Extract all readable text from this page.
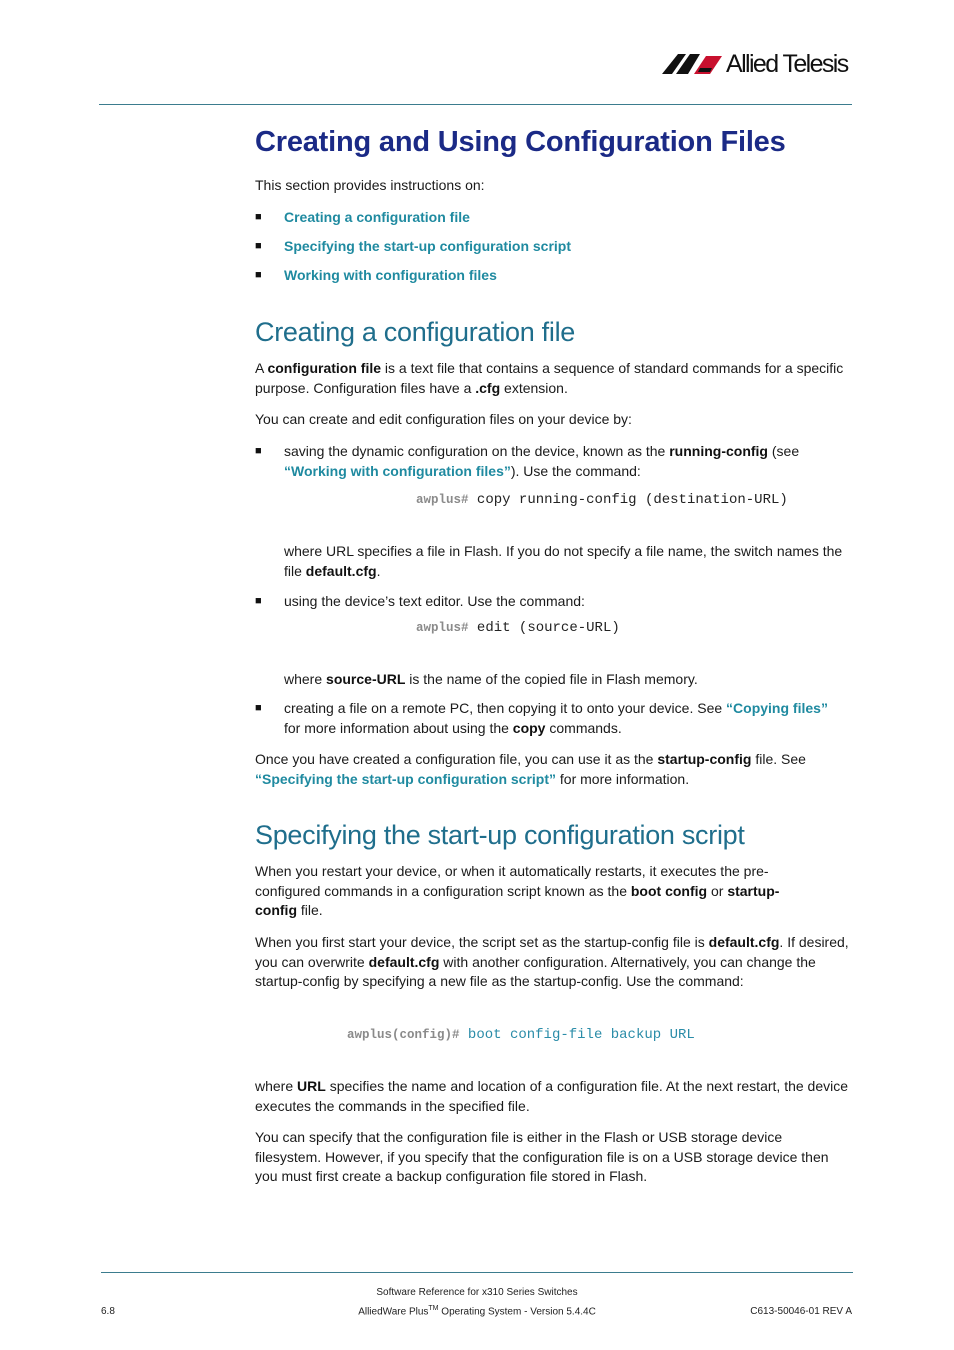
Allied Telesis
Creating and Using Configuration Files

This section provides instructions on:

■	Creating a configuration file
■	Specifying the start-up configuration script
■	Working with configuration files
Creating a configuration file

A configuration file is a text file that contains a sequence of standard commands for a specific purpose. Configuration files have a .cfg extension.

You can create and edit configuration files on your device by:

■	saving the dynamic configuration on the device, known as the running-config (see “Working with configuration files”). Use the command:

awplus# copy running-config (destination-URL)

where URL specifies a file in Flash. If you do not specify a file name, the switch names the file default.cfg.

■	using the device’s text editor. Use the command:

awplus# edit (source-URL)

where source-URL is the name of the copied file in Flash memory.

■	creating a file on a remote PC, then copying it to onto your device. See “Copying files” for more information about using the copy commands.

Once you have created a configuration file, you can use it as the startup-config file. See “Specifying the start-up configuration script” for more information.

Specifying the start-up configuration script

When you restart your device, or when it automatically restarts, it executes the pre-configured commands in a configuration script known as the boot config or startup-config file.

When you first start your device, the script set as the startup-config file is default.cfg. If desired, you can overwrite default.cfg with another configuration. Alternatively, you can change the startup-config by specifying a new file as the startup-config. Use the command:

awplus(config)# boot config-file backup URL

where URL specifies the name and location of a configuration file. At the next restart, the device executes the commands in the specified file.

You can specify that the configuration file is either in the Flash or USB storage device filesystem. However, if you specify that the configuration file is on a USB storage device then you must first create a backup configuration file stored in Flash.

Software Reference for x310 Series Switches
AlliedWare Plus™ Operating System - Version 5.4.4C
6.8	C613-50046-01 REV A
